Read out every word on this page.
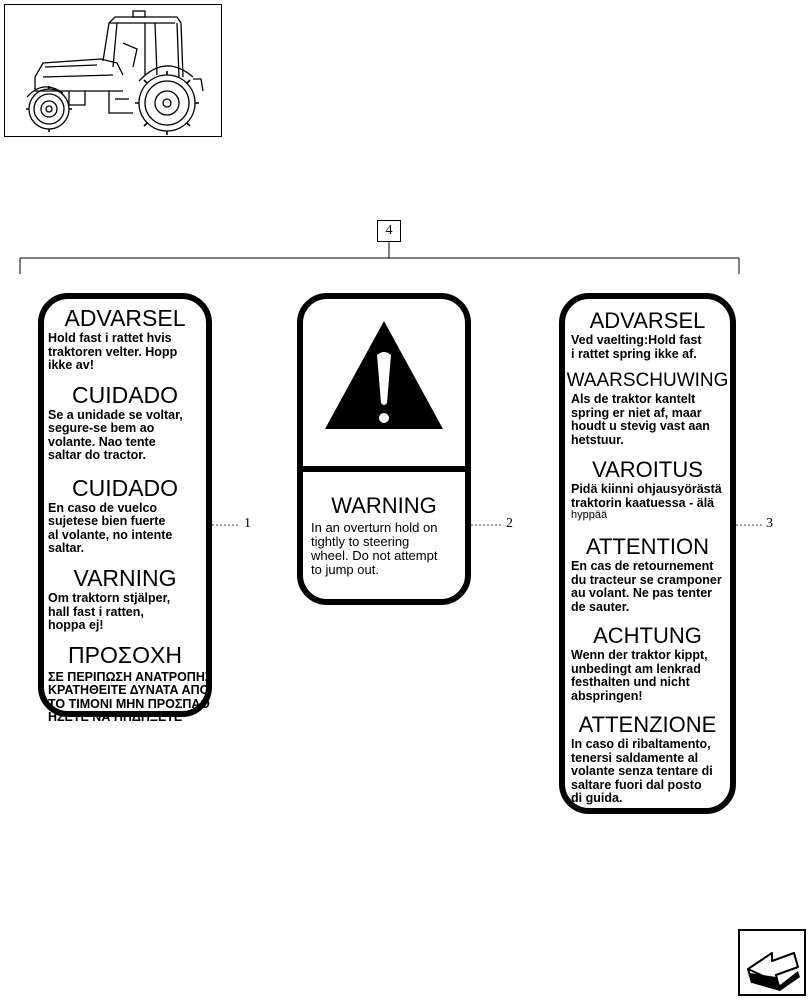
4
1	2	3
ADVARSEL
Hold fast i rattet hvis
traktoren velter. Hopp
ikke av!
CUIDADO
Se a unidade se voltar,
segure-se bem ao
volante. Nao tente
saltar do tractor.
CUIDADO
En caso de vuelco
sujetese bien fuerte
al volante, no intente
saltar.
VARNING
Om traktorn stjälper,
hall fast i ratten,
hoppa ej!
ΠΡΟΣΟΧΗ
ΣΕ ΠΕΡΙΠΩΣΗ ΑΝΑΤΡΟΠΗΣ
ΚΡΑΤΗΘΕΙΤΕ ΔΥΝΑΤΑ ΑΠΟ
ΤΟ ΤΙΜΟΝΙ ΜΗΝ ΠΡΟΣΠΑΘ
ΗΣΕΤΕ ΝΑ ΠΗΔΗΞΕΤΕ
WARNING
In an overturn hold on
tightly to steering
wheel. Do not attempt
to jump out.
ADVARSEL
Ved vaelting:Hold fast
i rattet spring ikke af.
WAARSCHUWING
Als de traktor kantelt
spring er niet af, maar
houdt u stevig vast aan
hetstuur.
VAROITUS
Pidä kiinni ohjausyörästä
traktorin kaatuessa - älä
hyppää
ATTENTION
En cas de retournement
du tracteur se cramponer
au volant. Ne pas tenter
de sauter.
ACHTUNG
Wenn der traktor kippt,
unbedingt am lenkrad
festhalten und nicht
abspringen!
ATTENZIONE
In caso di ribaltamento,
tenersi saldamente al
volante senza tentare di
saltare fuori dal posto
di guida.
